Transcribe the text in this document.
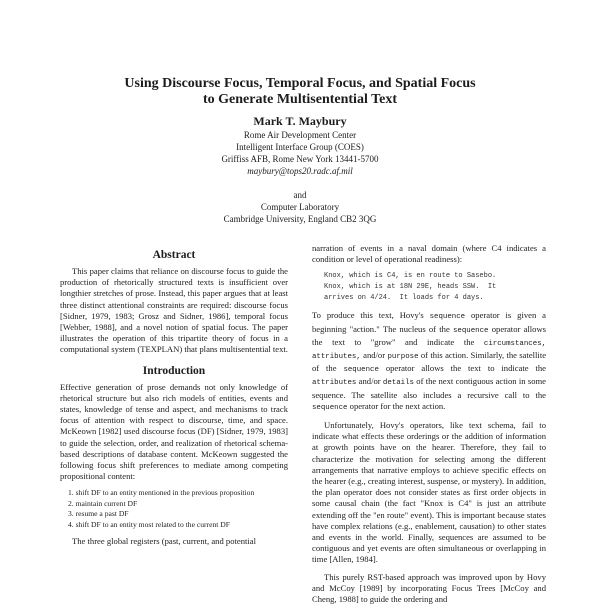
Using Discourse Focus, Temporal Focus, and Spatial Focus
to Generate Multisentential Text
Mark T. Maybury
Rome Air Development Center
Intelligent Interface Group (COES)
Griffiss AFB, Rome New York 13441-5700
maybury@tops20.radc.af.mil
and
Computer Laboratory
Cambridge University, England CB2 3QG
Abstract

This paper claims that reliance on discourse focus to guide the production of rhetorically structured texts is insufficient over longthier stretches of prose. Instead, this paper argues that at least three distinct attentional constraints are required: discourse focus [Sidner, 1979, 1983; Grosz and Sidner, 1986], temporal focus [Webber, 1988], and a novel notion of spatial focus. The paper illustrates the operation of this tripartite theory of focus in a computational system (TEXPLAN) that plans multisentential text.

Introduction

Effective generation of prose demands not only knowledge of rhetorical structure but also rich models of entities, events and states, knowledge of tense and aspect, and mechanisms to track focus of attention with respect to discourse, time, and space. McKeown [1982] used discourse focus (DF) [Sidner, 1979, 1983] to guide the selection, order, and realization of rhetorical schema-based descriptions of database content. McKeown suggested the following focus shift preferences to mediate among competing propositional content:

1. shift DF to an entity mentioned in the previous proposition
2. maintain current DF
3. resume a past DF
4. shift DF to an entity most related to the current DF

The three global registers (past, current, and potential

narration of events in a naval domain (where C4 indicates a condition or level of operational readiness):

Knox, which is C4, is en route to Sasebo.
Knox, which is at 18N 29E, heads SSW.  It
arrives on 4/24.  It loads for 4 days.

To produce this text, Hovy's sequence operator is given a beginning "action." The nucleus of the sequence operator allows the text to "grow" and indicate the circumstances, attributes, and/or purpose of this action. Similarly, the satellite of the sequence operator allows the text to indicate the attributes and/or details of the next contiguous action in some sequence. The satellite also includes a recursive call to the sequence operator for the next action.

Unfortunately, Hovy's operators, like text schema, fail to indicate what effects these orderings or the addition of information at growth points have on the hearer. Therefore, they fail to characterize the motivation for selecting among the different arrangements that narrative employs to achieve specific effects on the hearer (e.g., creating interest, suspense, or mystery). In addition, the plan operator does not consider states as first order objects in some causal chain (the fact "Knox is C4" is just an attribute extending off the "en route" event). This is important because states have complex relations (e.g., enablement, causation) to other states and events in the world. Finally, sequences are assumed to be contiguous and yet events are often simultaneous or overlapping in time [Allen, 1984].

This purely RST-based approach was improved upon by Hovy and McCoy [1989] by incorporating Focus Trees [McCoy and Cheng, 1988] to guide the ordering and
